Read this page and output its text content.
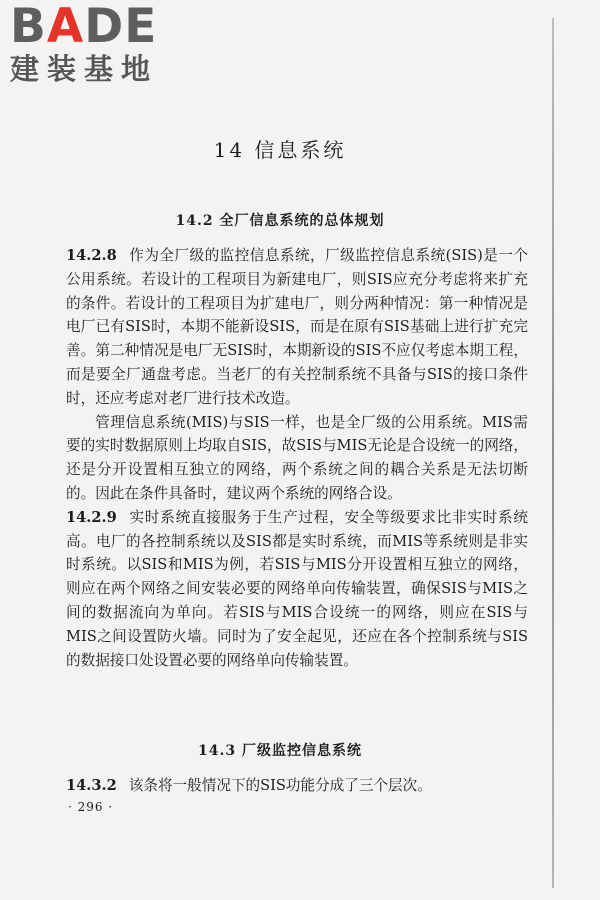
BADE
建装基地
14 信息系统
14.2 全厂信息系统的总体规划

14.2.8 作为全厂级的监控信息系统，厂级监控信息系统(SIS)是一个公用系统。若设计的工程项目为新建电厂，则SIS应充分考虑将来扩充的条件。若设计的工程项目为扩建电厂，则分两种情况：第一种情况是电厂已有SIS时，本期不能新设SIS，而是在原有SIS基础上进行扩充完善。第二种情况是电厂无SIS时，本期新设的SIS不应仅考虑本期工程，而是要全厂通盘考虑。当老厂的有关控制系统不具备与SIS的接口条件时，还应考虑对老厂进行技术改造。

管理信息系统(MIS)与SIS一样，也是全厂级的公用系统。MIS需要的实时数据原则上均取自SIS，故SIS与MIS无论是合设统一的网络，还是分开设置相互独立的网络，两个系统之间的耦合关系是无法切断的。因此在条件具备时，建议两个系统的网络合设。

14.2.9 实时系统直接服务于生产过程，安全等级要求比非实时系统高。电厂的各控制系统以及SIS都是实时系统，而MIS等系统则是非实时系统。以SIS和MIS为例，若SIS与MIS分开设置相互独立的网络，则应在两个网络之间安装必要的网络单向传输装置，确保SIS与MIS之间的数据流向为单向。若SIS与MIS合设统一的网络，则应在SIS与MIS之间设置防火墙。同时为了安全起见，还应在各个控制系统与SIS的数据接口处设置必要的网络单向传输装置。

14.3 厂级监控信息系统

14.3.2 该条将一般情况下的SIS功能分成了三个层次。

· 296 ·
